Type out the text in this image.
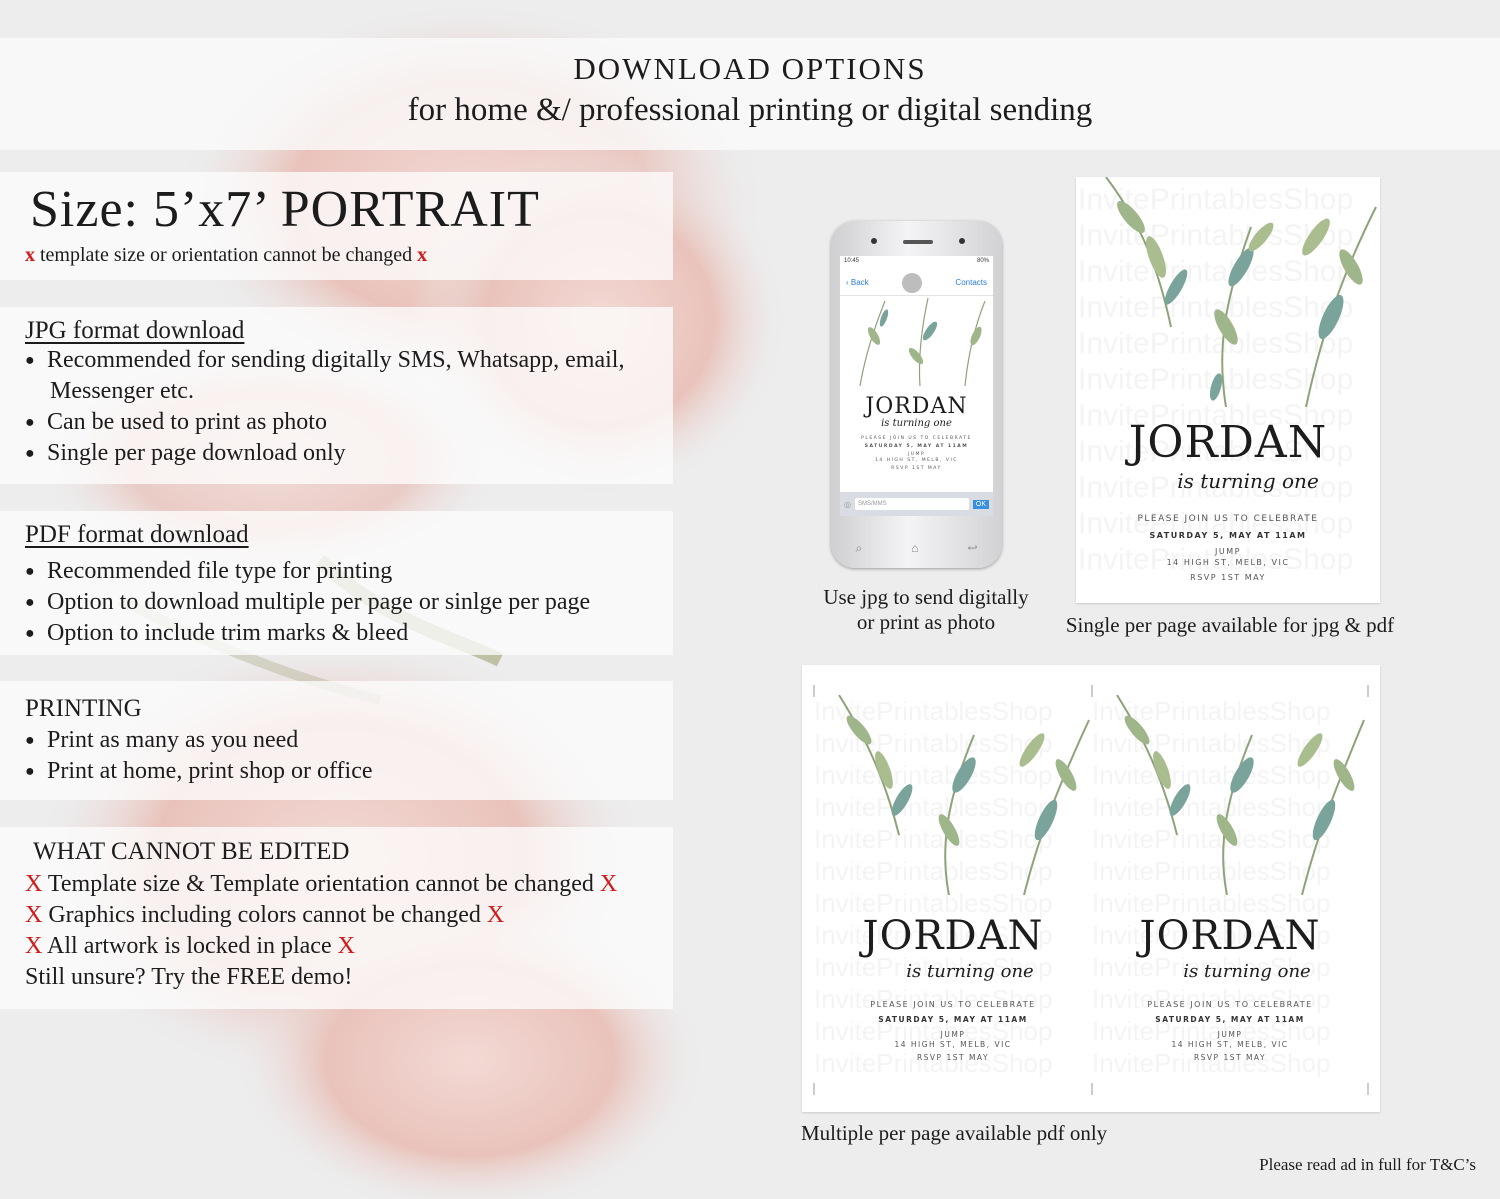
DOWNLOAD OPTIONS
for home &/ professional printing or digital sending
Size: 5’x7’ PORTRAIT
x template size or orientation cannot be changed x
JPG format download
● Recommended for sending digitally SMS, Whatsapp, email,
Messenger etc.
● Can be used to print as photo
● Single per page download only
PDF format download
● Recommended file type for printing
● Option to download multiple per page or sinlge per page
● Option to include trim marks & bleed
PRINTING
● Print as many as you need
● Print at home, print shop or office
WHAT CANNOT BE EDITED
X Template size & Template orientation cannot be changed X
X Graphics including colors cannot be changed X
X All artwork is locked in place X
Still unsure? Try the FREE demo!
10:45	80%
‹ Back	Contacts
JORDAN
is turning one
PLEASE JOIN US TO CELEBRATE
SATURDAY 5, MAY AT 11AM
JUMP
14 HIGH ST, MELB, VIC
RSVP 1ST MAY
◎	SMS/MMS	OK
⌕	⌂	↩
JORDAN
is turning one
PLEASE JOIN US TO CELEBRATE
SATURDAY 5, MAY AT 11AM
JUMP
14 HIGH ST, MELB, VIC
RSVP 1ST MAY
JORDAN
is turning one
PLEASE JOIN US TO CELEBRATE
SATURDAY 5, MAY AT 11AM
JUMP
14 HIGH ST, MELB, VIC
RSVP 1ST MAY
JORDAN
is turning one
PLEASE JOIN US TO CELEBRATE
SATURDAY 5, MAY AT 11AM
JUMP
14 HIGH ST, MELB, VIC
RSVP 1ST MAY
Use jpg to send digitally
or print as photo	Single per page available for jpg & pdf
Multiple per page available pdf only
Please read ad in full for T&C’s
